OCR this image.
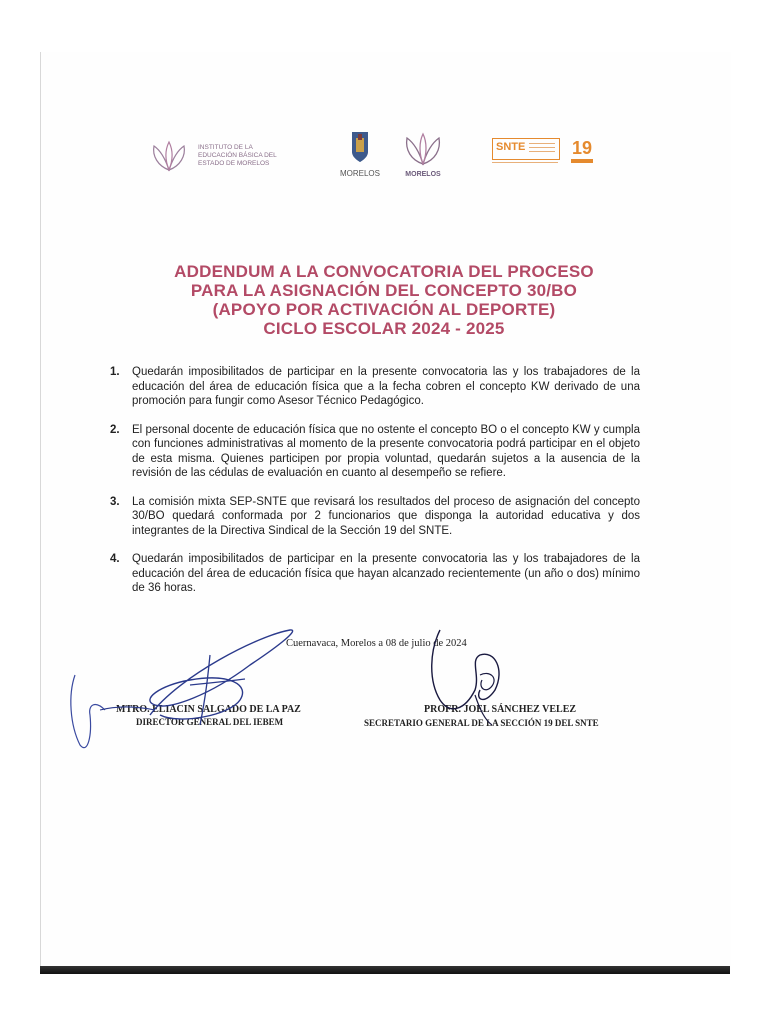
INSTITUTO DE LA
EDUCACIÓN BÁSICA DEL
ESTADO DE MORELOS
MORELOS	MORELOS
SNTE	19
ADDENDUM A LA CONVOCATORIA DEL PROCESO
PARA LA ASIGNACIÓN DEL CONCEPTO 30/BO
(APOYO POR ACTIVACIÓN AL DEPORTE)
CICLO ESCOLAR 2024 - 2025
1.	Quedarán imposibilitados de participar en la presente convocatoria las y los trabajadores de la educación del área de educación física que a la fecha cobren el concepto KW derivado de una promoción para fungir como Asesor Técnico Pedagógico.
2.	El personal docente de educación física que no ostente el concepto BO o el concepto KW y cumpla con funciones administrativas al momento de la presente convocatoria podrá participar en el objeto de esta misma. Quienes participen por propia voluntad, quedarán sujetos a la ausencia de la revisión de las cédulas de evaluación en cuanto al desempeño se refiere.
3.	La comisión mixta SEP-SNTE que revisará los resultados del proceso de asignación del concepto 30/BO quedará conformada por 2 funcionarios que disponga la autoridad educativa y dos integrantes de la Directiva Sindical de la Sección 19 del SNTE.
4.	Quedarán imposibilitados de participar en la presente convocatoria las y los trabajadores de la educación del área de educación física que hayan alcanzado recientemente (un año o dos) mínimo de 36 horas.
Cuernavaca, Morelos a 08 de julio de 2024
MTRO. ELIACIN SALGADO DE LA PAZ
DIRECTOR GENERAL DEL IEBEM
PROFR. JOEL SÁNCHEZ VELEZ
SECRETARIO GENERAL DE LA SECCIÓN 19 DEL SNTE
